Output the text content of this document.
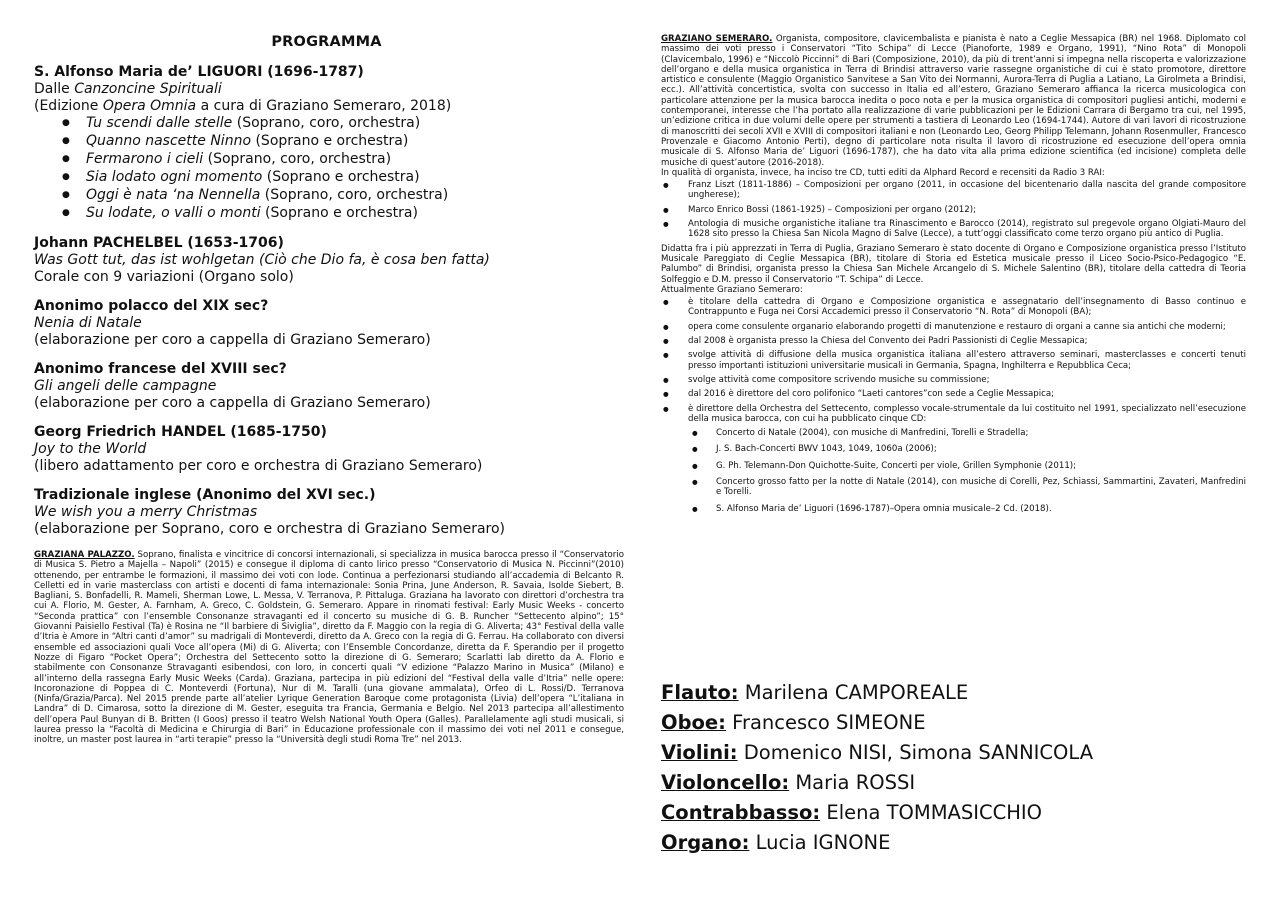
PROGRAMMA
S. Alfonso Maria de’ LIGUORI (1696-1787)
Dalle Canzoncine Spirituali
(Edizione Opera Omnia a cura di Graziano Semeraro, 2018)
● Tu scendi dalle stelle (Soprano, coro, orchestra)
● Quanno nascette Ninno (Soprano e orchestra)
● Fermarono i cieli (Soprano, coro, orchestra)
● Sia lodato ogni momento (Soprano e orchestra)
● Oggi è nata ‘na Nennella (Soprano, coro, orchestra)
● Su lodate, o valli o monti (Soprano e orchestra)
Johann PACHELBEL (1653-1706)
Was Gott tut, das ist wohlgetan (Ciò che Dio fa, è cosa ben fatta)
Corale con 9 variazioni (Organo solo)
Anonimo polacco del XIX sec?
Nenia di Natale
(elaborazione per coro a cappella di Graziano Semeraro)
Anonimo francese del XVIII sec?
Gli angeli delle campagne
(elaborazione per coro a cappella di Graziano Semeraro)
Georg Friedrich HANDEL (1685-1750)
Joy to the World
(libero adattamento per coro e orchestra di Graziano Semeraro)
Tradizionale inglese (Anonimo del XVI sec.)
We wish you a merry Christmas
(elaborazione per Soprano, coro e orchestra di Graziano Semeraro)
GRAZIANA PALAZZO. Soprano, finalista e vincitrice di concorsi internazionali, si specializza in musica barocca presso il “Conservatorio di Musica S. Pietro a Majella – Napoli” (2015) e consegue il diploma di canto lirico presso “Conservatorio di Musica N. Piccinni”(2010) ottenendo, per entrambe le formazioni, il massimo dei voti con lode. Continua a perfezionarsi studiando all’accademia di Belcanto R. Celletti ed in varie masterclass con artisti e docenti di fama internazionale: Sonia Prina, June Anderson, R. Savaia, Isolde Siebert, B. Bagliani, S. Bonfadelli, R. Mameli, Sherman Lowe, L. Messa, V. Terranova, P. Pittaluga. Graziana ha lavorato con direttori d’orchestra tra cui A. Florio, M. Gester, A. Farnham, A. Greco, C. Goldstein, G. Semeraro. Appare in rinomati festival: Early Music Weeks - concerto “Seconda prattica” con l’ensemble Consonanze stravaganti ed il concerto su musiche di G. B. Runcher “Settecento alpino”; 15° Giovanni Paisiello Festival (Ta) è Rosina ne “Il barbiere di Siviglia”, diretto da F. Maggio con la regia di G. Aliverta; 43° Festival della valle d’Itria è Amore in “Altri canti d’amor” su madrigali di Monteverdi, diretto da A. Greco con la regia di G. Ferrau. Ha collaborato con diversi ensemble ed associazioni quali Voce all’opera (Mi) di G. Aliverta; con l’Ensemble Concordanze, diretta da F. Sperandio per il progetto Nozze di Figaro “Pocket Opera”; Orchestra del Settecento sotto la direzione di G. Semeraro; Scarlatti lab diretto da A. Florio e stabilmente con Consonanze Stravaganti esibendosi, con loro, in concerti quali “V edizione “Palazzo Marino in Musica” (Milano) e all’interno della rassegna Early Music Weeks (Carda). Graziana, partecipa in più edizioni del “Festival della valle d’Itria” nelle opere: Incoronazione di Poppea di C. Monteverdi (Fortuna), Nur di M. Taralli (una giovane ammalata), Orfeo di L. Rossi/D. Terranova (Ninfa/Grazia/Parca). Nel 2015 prende parte all’atelier Lyrique Generation Baroque come protagonista (Livia) dell’opera “L’italiana in Landra” di D. Cimarosa, sotto la direzione di M. Gester, eseguita tra Francia, Germania e Belgio. Nel 2013 partecipa all’allestimento dell’opera Paul Bunyan di B. Britten (I Goos) presso il teatro Welsh National Youth Opera (Galles). Parallelamente agli studi musicali, si laurea presso la “Facoltà di Medicina e Chirurgia di Bari” in Educazione professionale con il massimo dei voti nel 2011 e consegue, inoltre, un master post laurea in “arti terapie” presso la “Università degli studi Roma Tre” nel 2013.
GRAZIANO SEMERARO. Organista, compositore, clavicembalista e pianista è nato a Ceglie Messapica (BR) nel 1968. Diplomato col massimo dei voti presso i Conservatori “Tito Schipa” di Lecce (Pianoforte, 1989 e Organo, 1991), “Nino Rota” di Monopoli (Clavicembalo, 1996) e “Niccolò Piccinni” di Bari (Composizione, 2010), da più di trent’anni si impegna nella riscoperta e valorizzazione dell’organo e della musica organistica in Terra di Brindisi attraverso varie rassegne organistiche di cui è stato promotore, direttore artistico e consulente (Maggio Organistico Sanvitese a San Vito dei Normanni, Aurora-Terra di Puglia a Latiano, La Girolmeta a Brindisi, ecc.). All’attività concertistica, svolta con successo in Italia ed all’estero, Graziano Semeraro affianca la ricerca musicologica con particolare attenzione per la musica barocca inedita o poco nota e per la musica organistica di compositori pugliesi antichi, moderni e contemporanei, interesse che l’ha portato alla realizzazione di varie pubblicazioni per le Edizioni Carrara di Bergamo tra cui, nel 1995, un’edizione critica in due volumi delle opere per strumenti a tastiera di Leonardo Leo (1694-1744). Autore di vari lavori di ricostruzione di manoscritti dei secoli XVII e XVIII di compositori italiani e non (Leonardo Leo, Georg Philipp Telemann, Johann Rosenmuller, Francesco Provenzale e Giacomo Antonio Perti), degno di particolare nota risulta il lavoro di ricostruzione ed esecuzione dell’opera omnia musicale di S. Alfonso Maria de’ Liguori (1696-1787), che ha dato vita alla prima edizione scientifica (ed incisione) completa delle musiche di quest’autore (2016-2018).
In qualità di organista, invece, ha inciso tre CD, tutti editi da Alphard Record e recensiti da Radio 3 RAI:
● Franz Liszt (1811-1886) – Composizioni per organo (2011, in occasione del bicentenario dalla nascita del grande compositore ungherese);
● Marco Enrico Bossi (1861-1925) – Composizioni per organo (2012);
● Antologia di musiche organistiche italiane tra Rinascimento e Barocco (2014), registrato sul pregevole organo Olgiati-Mauro del 1628 sito presso la Chiesa San Nicola Magno di Salve (Lecce), a tutt’oggi classificato come terzo organo più antico di Puglia.
Didatta fra i più apprezzati in Terra di Puglia, Graziano Semeraro è stato docente di Organo e Composizione organistica presso l’Istituto Musicale Pareggiato di Ceglie Messapica (BR), titolare di Storia ed Estetica musicale presso il Liceo Socio-Psico-Pedagogico “E. Palumbo” di Brindisi, organista presso la Chiesa San Michele Arcangelo di S. Michele Salentino (BR), titolare della cattedra di Teoria Solfeggio e D.M. presso il Conservatorio “T. Schipa” di Lecce.
Attualmente Graziano Semeraro:
● è titolare della cattedra di Organo e Composizione organistica e assegnatario dell’insegnamento di Basso continuo e Contrappunto e Fuga nei Corsi Accademici presso il Conservatorio “N. Rota” di Monopoli (BA);
● opera come consulente organario elaborando progetti di manutenzione e restauro di organi a canne sia antichi che moderni;
● dal 2008 è organista presso la Chiesa del Convento dei Padri Passionisti di Ceglie Messapica;
● svolge attività di diffusione della musica organistica italiana all’estero attraverso seminari, masterclasses e concerti tenuti presso importanti istituzioni universitarie musicali in Germania, Spagna, Inghilterra e Repubblica Ceca;
● svolge attività come compositore scrivendo musiche su commissione;
● dal 2016 è direttore del coro polifonico “Laeti cantores”con sede a Ceglie Messapica;
● è direttore della Orchestra del Settecento, complesso vocale-strumentale da lui costituito nel 1991, specializzato nell’esecuzione della musica barocca, con cui ha pubblicato cinque CD:
● Concerto di Natale (2004), con musiche di Manfredini, Torelli e Stradella;
● J. S. Bach-Concerti BWV 1043, 1049, 1060a (2006);
● G. Ph. Telemann-Don Quichotte-Suite, Concerti per viole, Grillen Symphonie (2011);
● Concerto grosso fatto per la notte di Natale (2014), con musiche di Corelli, Pez, Schiassi, Sammartini, Zavateri, Manfredini e Torelli.
● S. Alfonso Maria de’ Liguori (1696-1787)–Opera omnia musicale–2 Cd. (2018).
Flauto: Marilena CAMPOREALE
Oboe: Francesco SIMEONE
Violini: Domenico NISI, Simona SANNICOLA
Violoncello: Maria ROSSI
Contrabbasso: Elena TOMMASICCHIO
Organo: Lucia IGNONE
